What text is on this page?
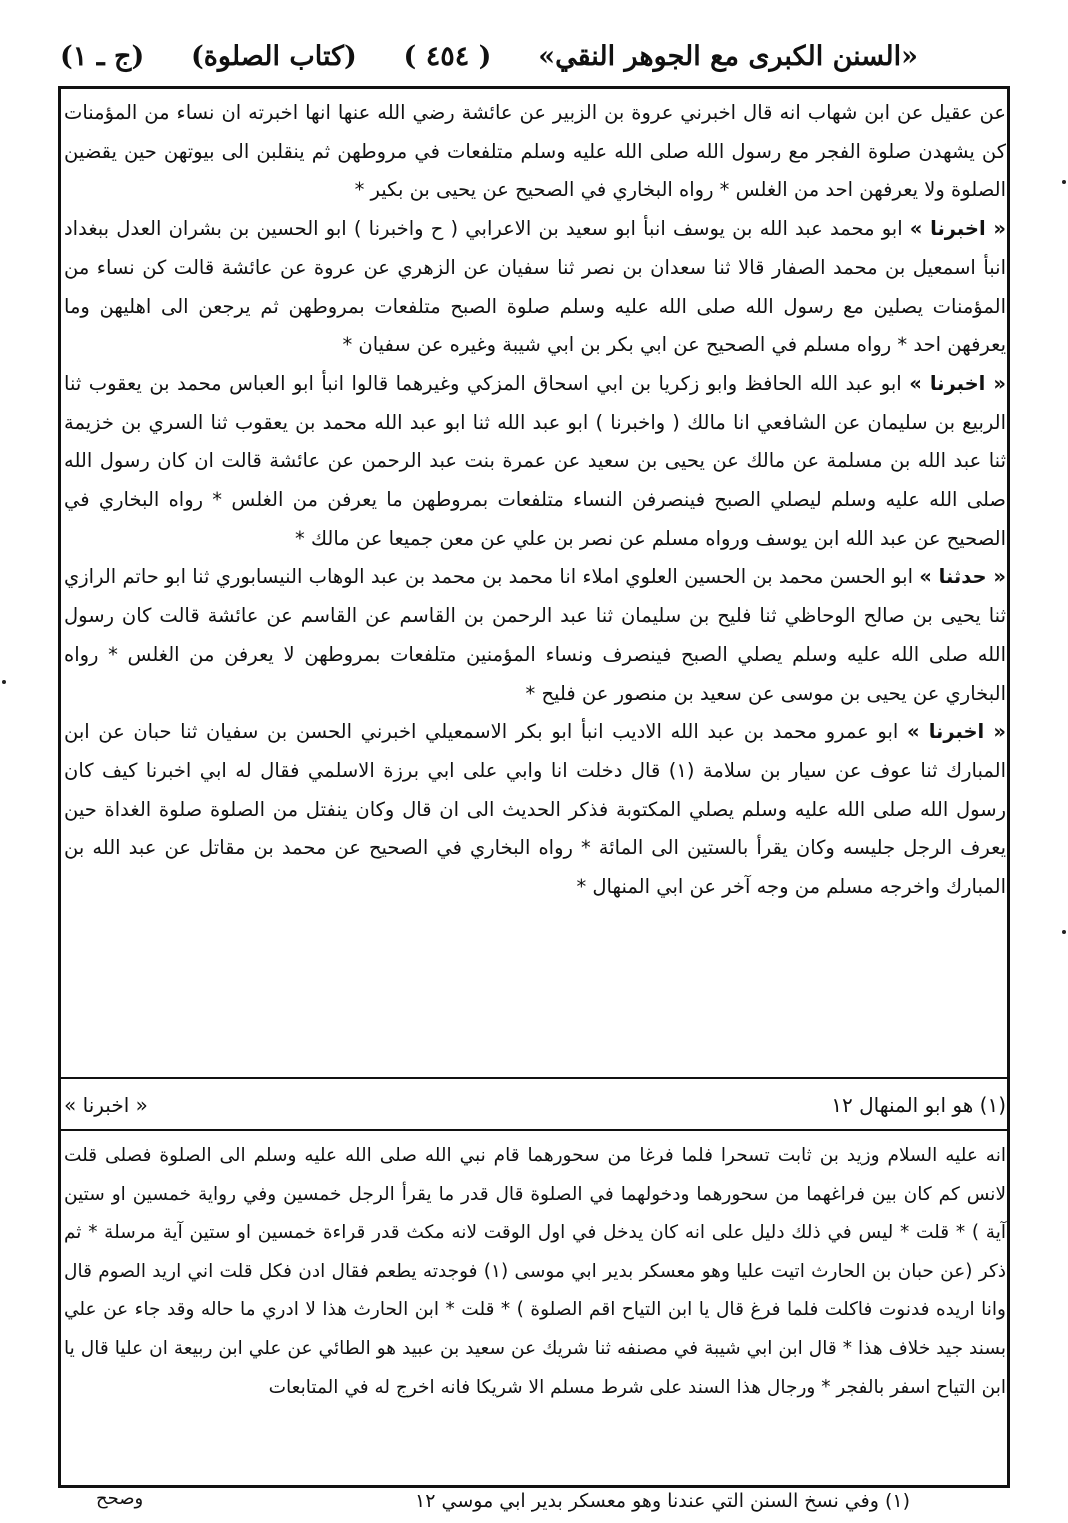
«السنن الكبرى مع الجوهر النقي»
( ٤٥٤ )
(كتاب الصلوة)
(ج ـ ١)

عن عقيل عن ابن شهاب انه قال اخبرني عروة بن الزبير عن عائشة رضي الله عنها انها اخبرته ان نساء من المؤمنات كن يشهدن صلوة الفجر مع رسول الله صلى الله عليه وسلم متلفعات في مروطهن ثم ينقلبن الى بيوتهن حين يقضين الصلوة ولا يعرفهن احد من الغلس * رواه البخاري في الصحيح عن يحيى بن بكير *

« اخبرنا » ابو محمد عبد الله بن يوسف انبأ ابو سعيد بن الاعرابي ( ح واخبرنا ) ابو الحسين بن بشران العدل ببغداد انبأ اسمعيل بن محمد الصفار قالا ثنا سعدان بن نصر ثنا سفيان عن الزهري عن عروة عن عائشة قالت كن نساء من المؤمنات يصلين مع رسول الله صلى الله عليه وسلم صلوة الصبح متلفعات بمروطهن ثم يرجعن الى اهليهن وما يعرفهن احد * رواه مسلم في الصحيح عن ابي بكر بن ابي شيبة وغيره عن سفيان *

« اخبرنا » ابو عبد الله الحافظ وابو زكريا بن ابي اسحاق المزكي وغيرهما قالوا انبأ ابو العباس محمد بن يعقوب ثنا الربيع بن سليمان عن الشافعي انا مالك ( واخبرنا ) ابو عبد الله ثنا ابو عبد الله محمد بن يعقوب ثنا السري بن خزيمة ثنا عبد الله بن مسلمة عن مالك عن يحيى بن سعيد عن عمرة بنت عبد الرحمن عن عائشة قالت ان كان رسول الله صلى الله عليه وسلم ليصلي الصبح فينصرفن النساء متلفعات بمروطهن ما يعرفن من الغلس * رواه البخاري في الصحيح عن عبد الله ابن يوسف ورواه مسلم عن نصر بن علي عن معن جميعا عن مالك *

« حدثنا » ابو الحسن محمد بن الحسين العلوي املاء انا محمد بن محمد بن عبد الوهاب النيسابوري ثنا ابو حاتم الرازي ثنا يحيى بن صالح الوحاظي ثنا فليح بن سليمان ثنا عبد الرحمن بن القاسم عن القاسم عن عائشة قالت كان رسول الله صلى الله عليه وسلم يصلي الصبح فينصرف ونساء المؤمنين متلفعات بمروطهن لا يعرفن من الغلس * رواه البخاري عن يحيى بن موسى عن سعيد بن منصور عن فليح *

« اخبرنا » ابو عمرو محمد بن عبد الله الاديب انبأ ابو بكر الاسمعيلي اخبرني الحسن بن سفيان ثنا حبان عن ابن المبارك ثنا عوف عن سيار بن سلامة (١) قال دخلت انا وابي على ابي برزة الاسلمي فقال له ابي اخبرنا كيف كان رسول الله صلى الله عليه وسلم يصلي المكتوبة فذكر الحديث الى ان قال وكان ينفتل من الصلوة صلوة الغداة حين يعرف الرجل جليسه وكان يقرأ بالستين الى المائة * رواه البخاري في الصحيح عن محمد بن مقاتل عن عبد الله بن المبارك واخرجه مسلم من وجه آخر عن ابي المنهال *

(١) هو ابو المنهال ١٢
« اخبرنا »
انه عليه السلام وزيد بن ثابت تسحرا فلما فرغا من سحورهما قام نبي الله صلى الله عليه وسلم الى الصلوة فصلى قلت لانس كم كان بين فراغهما من سحورهما ودخولهما في الصلوة قال قدر ما يقرأ الرجل خمسين وفي رواية خمسين او ستين آية ) * قلت * ليس في ذلك دليل على انه كان يدخل في اول الوقت لانه مكث قدر قراءة خمسين او ستين آية مرسلة * ثم ذكر (عن حبان بن الحارث اتيت عليا وهو معسكر بدير ابي موسى (١) فوجدته يطعم فقال ادن فكل قلت اني اريد الصوم قال وانا اريده فدنوت فاكلت فلما فرغ قال يا ابن التياح اقم الصلوة ) * قلت * ابن الحارث هذا لا ادري ما حاله وقد جاء عن علي بسند جيد خلاف هذا * قال ابن ابي شيبة في مصنفه ثنا شريك عن سعيد بن عبيد هو الطائي عن علي ابن ربيعة ان عليا قال يا ابن التياح اسفر بالفجر * ورجال هذا السند على شرط مسلم الا شريكا فانه اخرج له في المتابعات
(١) وفي نسخ السنن التي عندنا وهو معسكر بدير ابي موسي ١٢
وصحح
